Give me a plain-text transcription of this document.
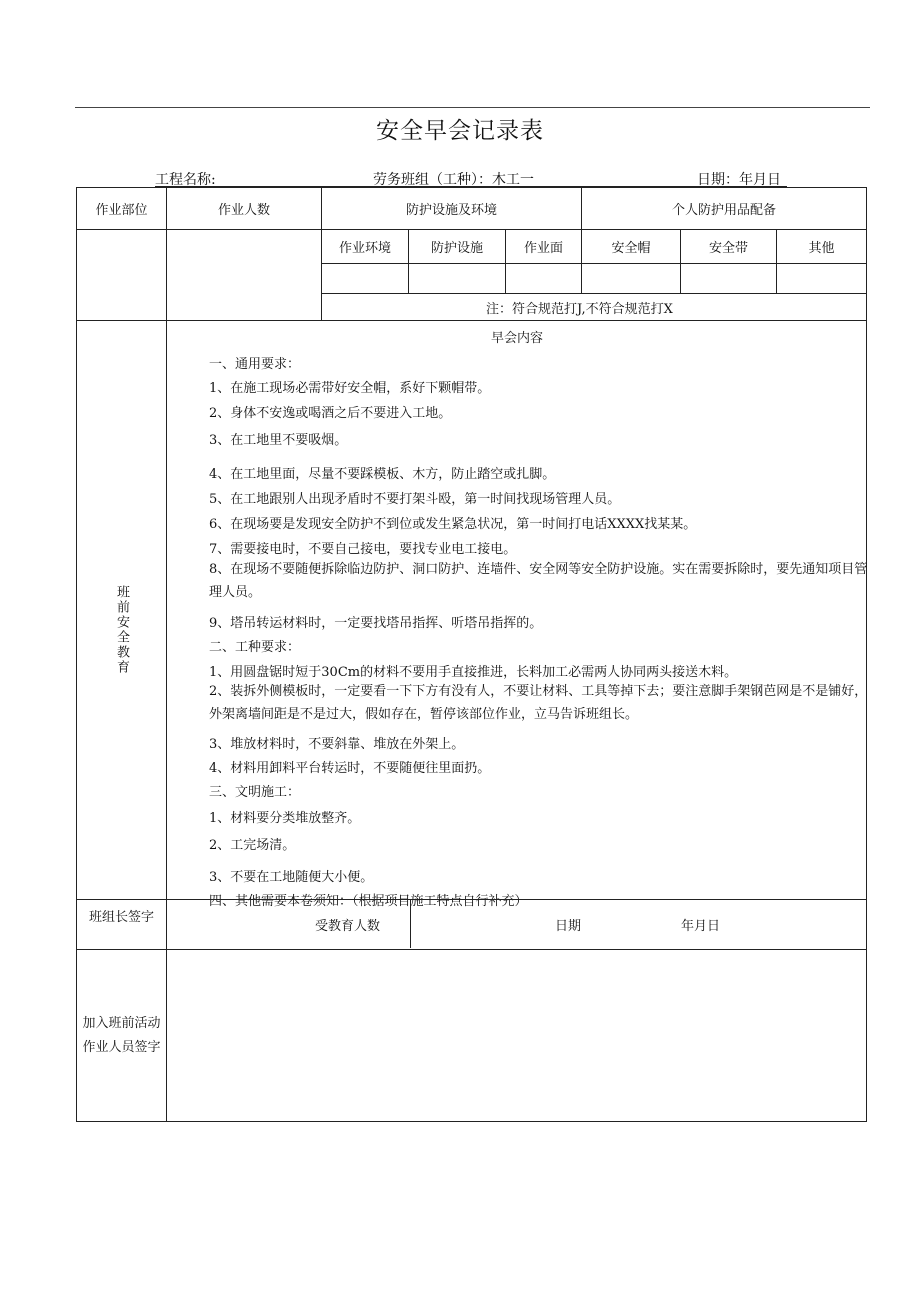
安全早会记录表
工程名称:	劳务班组（工种）：木工一	日期：年月日
作业部位	作业人数	防护设施及环境	个人防护用品配备
作业环境	防护设施	作业面	安全帽	安全带	其他
注：符合规范打J,不符合规范打X
班前安全教育
早会内容
一、通用要求：
1、在施工现场必需带好安全帽，系好下颗帽带。
2、身体不安逸或喝酒之后不要进入工地。
3、在工地里不要吸烟。
4、在工地里面，尽量不要踩模板、木方，防止踏空或扎脚。
5、在工地跟别人出现矛盾时不要打架斗殴，第一时间找现场管理人员。
6、在现场要是发现安全防护不到位或发生紧急状况，第一时间打电话XXXX找某某。
7、需要接电时，不要自己接电，要找专业电工接电。
8、在现场不要随便拆除临边防护、洞口防护、连墙件、安全网等安全防护设施。实在需要拆除时，要先通知项目管理人员。
9、塔吊转运材料时，一定要找塔吊指挥、听塔吊指挥的。
二、工种要求：
1、用圆盘锯时短于30Cm的材料不要用手直接推进，长料加工必需两人协同两头接送木料。
2、装拆外侧模板时，一定要看一下下方有没有人，不要让材料、工具等掉下去；要注意脚手架钢芭网是不是铺好，外架离墙间距是不是过大，假如存在，暂停该部位作业，立马告诉班组长。
3、堆放材料时，不要斜靠、堆放在外架上。
4、材料用卸料平台转运时，不要随便往里面扔。
三、文明施工：
1、材料要分类堆放整齐。
2、工完场清。
3、不要在工地随便大小便。
四、其他需要本卷须知：（根据项目施工特点自行补充）
班组长签字
受教育人数	日期	年月日
加入班前活动
作业人员签字
